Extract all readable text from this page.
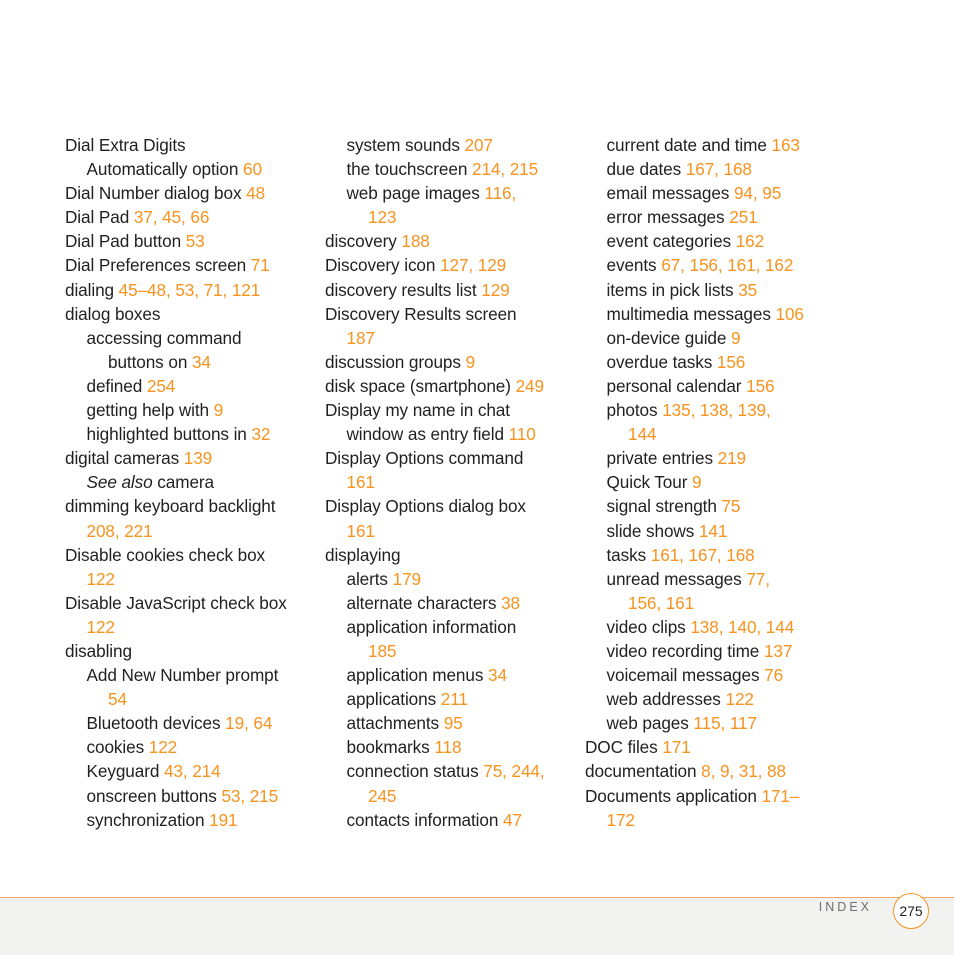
Dial Extra Digits
Automatically option 60
Dial Number dialog box 48
Dial Pad 37, 45, 66
Dial Pad button 53
Dial Preferences screen 71
dialing 45–48, 53, 71, 121
dialog boxes
accessing command
buttons on 34
defined 254
getting help with 9
highlighted buttons in 32
digital cameras 139
See also camera
dimming keyboard backlight
208, 221
Disable cookies check box
122
Disable JavaScript check box
122
disabling
Add New Number prompt
54
Bluetooth devices 19, 64
cookies 122
Keyguard 43, 214
onscreen buttons 53, 215
synchronization 191
system sounds 207
the touchscreen 214, 215
web page images 116,
123
discovery 188
Discovery icon 127, 129
discovery results list 129
Discovery Results screen
187
discussion groups 9
disk space (smartphone) 249
Display my name in chat
window as entry field 110
Display Options command
161
Display Options dialog box
161
displaying
alerts 179
alternate characters 38
application information
185
application menus 34
applications 211
attachments 95
bookmarks 118
connection status 75, 244,
245
contacts information 47
current date and time 163
due dates 167, 168
email messages 94, 95
error messages 251
event categories 162
events 67, 156, 161, 162
items in pick lists 35
multimedia messages 106
on-device guide 9
overdue tasks 156
personal calendar 156
photos 135, 138, 139,
144
private entries 219
Quick Tour 9
signal strength 75
slide shows 141
tasks 161, 167, 168
unread messages 77,
156, 161
video clips 138, 140, 144
video recording time 137
voicemail messages 76
web addresses 122
web pages 115, 117
DOC files 171
documentation 8, 9, 31, 88
Documents application 171–
172
INDEX	275
